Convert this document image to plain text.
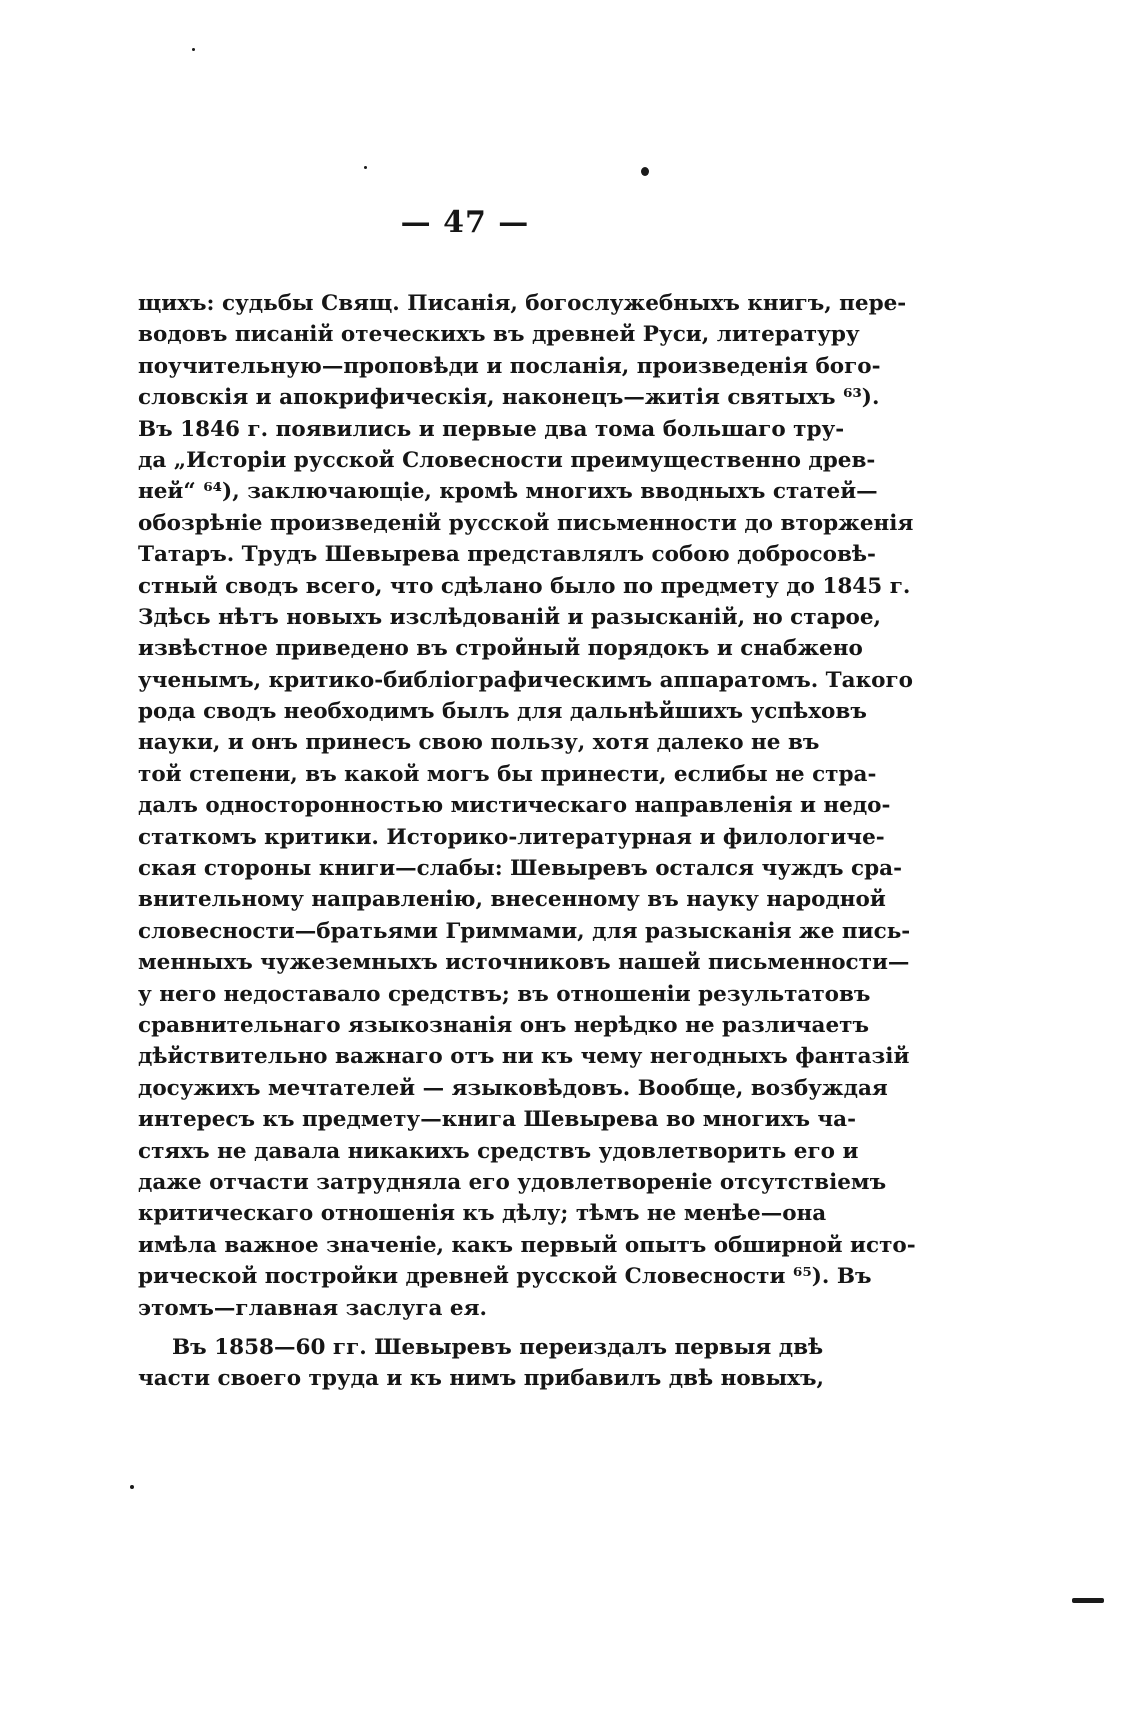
— 47 —
щихъ: судьбы Свящ. Писанія, богослужебныхъ книгъ, пере-
водовъ писаній отеческихъ въ древней Руси, литературу
поучительную—проповѣди и посланія, произведенія бого-
словскія и апокрифическія, наконецъ—житія святыхъ ⁶³).
Въ 1846 г. появились и первые два тома большаго тру-
да „Исторіи русской Словесности преимущественно древ-
ней“ ⁶⁴), заключающіе, кромѣ многихъ вводныхъ статей—
обозрѣніе произведеній русской письменности до вторженія
Татаръ. Трудъ Шевырева представлялъ собою добросовѣ-
стный сводъ всего, что сдѣлано было по предмету до 1845 г.
Здѣсь нѣтъ новыхъ изслѣдованій и разысканій, но старое,
извѣстное приведено въ стройный порядокъ и снабжено
ученымъ, критико-библіографическимъ аппаратомъ. Такого
рода сводъ необходимъ былъ для дальнѣйшихъ успѣховъ
науки, и онъ принесъ свою пользу, хотя далеко не въ
той степени, въ какой могъ бы принести, еслибы не стра-
далъ односторонностью мистическаго направленія и недо-
статкомъ критики. Историко-литературная и филологиче-
ская стороны книги—слабы: Шевыревъ остался чуждъ сра-
внительному направленію, внесенному въ науку народной
словесности—братьями Гриммами, для разысканія же пись-
менныхъ чужеземныхъ источниковъ нашей письменности—
у него недоставало средствъ; въ отношеніи результатовъ
сравнительнаго языкознанія онъ нерѣдко не различаетъ
дѣйствительно важнаго отъ ни къ чему негодныхъ фантазій
досужихъ мечтателей — языковѣдовъ. Вообще, возбуждая
интересъ къ предмету—книга Шевырева во многихъ ча-
стяхъ не давала никакихъ средствъ удовлетворить его и
даже отчасти затрудняла его удовлетвореніе отсутствіемъ
критическаго отношенія къ дѣлу; тѣмъ не менѣе—она
имѣла важное значеніе, какъ первый опытъ обширной исто-
рической постройки древней русской Словесности ⁶⁵). Въ
этомъ—главная заслуга ея.
Въ 1858—60 гг. Шевыревъ переиздалъ первыя двѣ
части своего труда и къ нимъ прибавилъ двѣ новыхъ,
